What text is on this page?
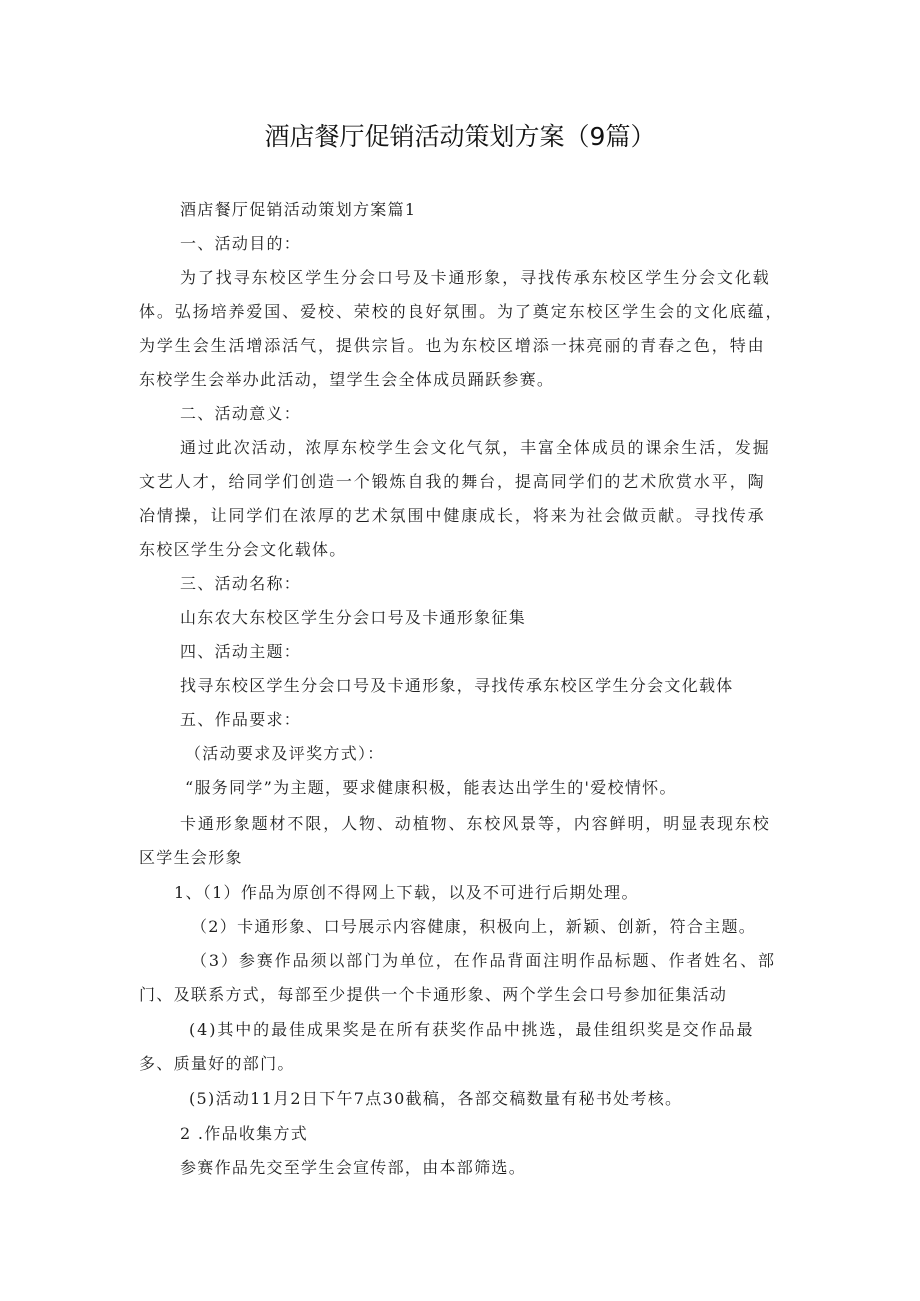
酒店餐厅促销活动策划方案（9篇）
酒店餐厅促销活动策划方案篇1
一、活动目的：
为了找寻东校区学生分会口号及卡通形象，寻找传承东校区学生分会文化载
体。弘扬培养爱国、爱校、荣校的良好氛围。为了奠定东校区学生会的文化底蕴，
为学生会生活增添活气，提供宗旨。也为东校区增添一抹亮丽的青春之色，特由
东校学生会举办此活动，望学生会全体成员踊跃参赛。
二、活动意义：
通过此次活动，浓厚东校学生会文化气氛，丰富全体成员的课余生活，发掘
文艺人才，给同学们创造一个锻炼自我的舞台，提高同学们的艺术欣赏水平，陶
冶情操，让同学们在浓厚的艺术氛围中健康成长，将来为社会做贡献。寻找传承
东校区学生分会文化载体。
三、活动名称：
山东农大东校区学生分会口号及卡通形象征集
四、活动主题：
找寻东校区学生分会口号及卡通形象，寻找传承东校区学生分会文化载体
五、作品要求：
（活动要求及评奖方式）：
“服务同学”为主题，要求健康积极，能表达出学生的'爱校情怀。
卡通形象题材不限，人物、动植物、东校风景等，内容鲜明，明显表现东校
区学生会形象
1、（1）作品为原创不得网上下载，以及不可进行后期处理。
（2）卡通形象、口号展示内容健康，积极向上，新颖、创新，符合主题。
（3）参赛作品须以部门为单位，在作品背面注明作品标题、作者姓名、部
门、及联系方式，每部至少提供一个卡通形象、两个学生会口号参加征集活动
(4)其中的最佳成果奖是在所有获奖作品中挑选，最佳组织奖是交作品最
多、质量好的部门。
(5)活动11月2日下午7点30截稿，各部交稿数量有秘书处考核。
2 .作品收集方式
参赛作品先交至学生会宣传部，由本部筛选。
